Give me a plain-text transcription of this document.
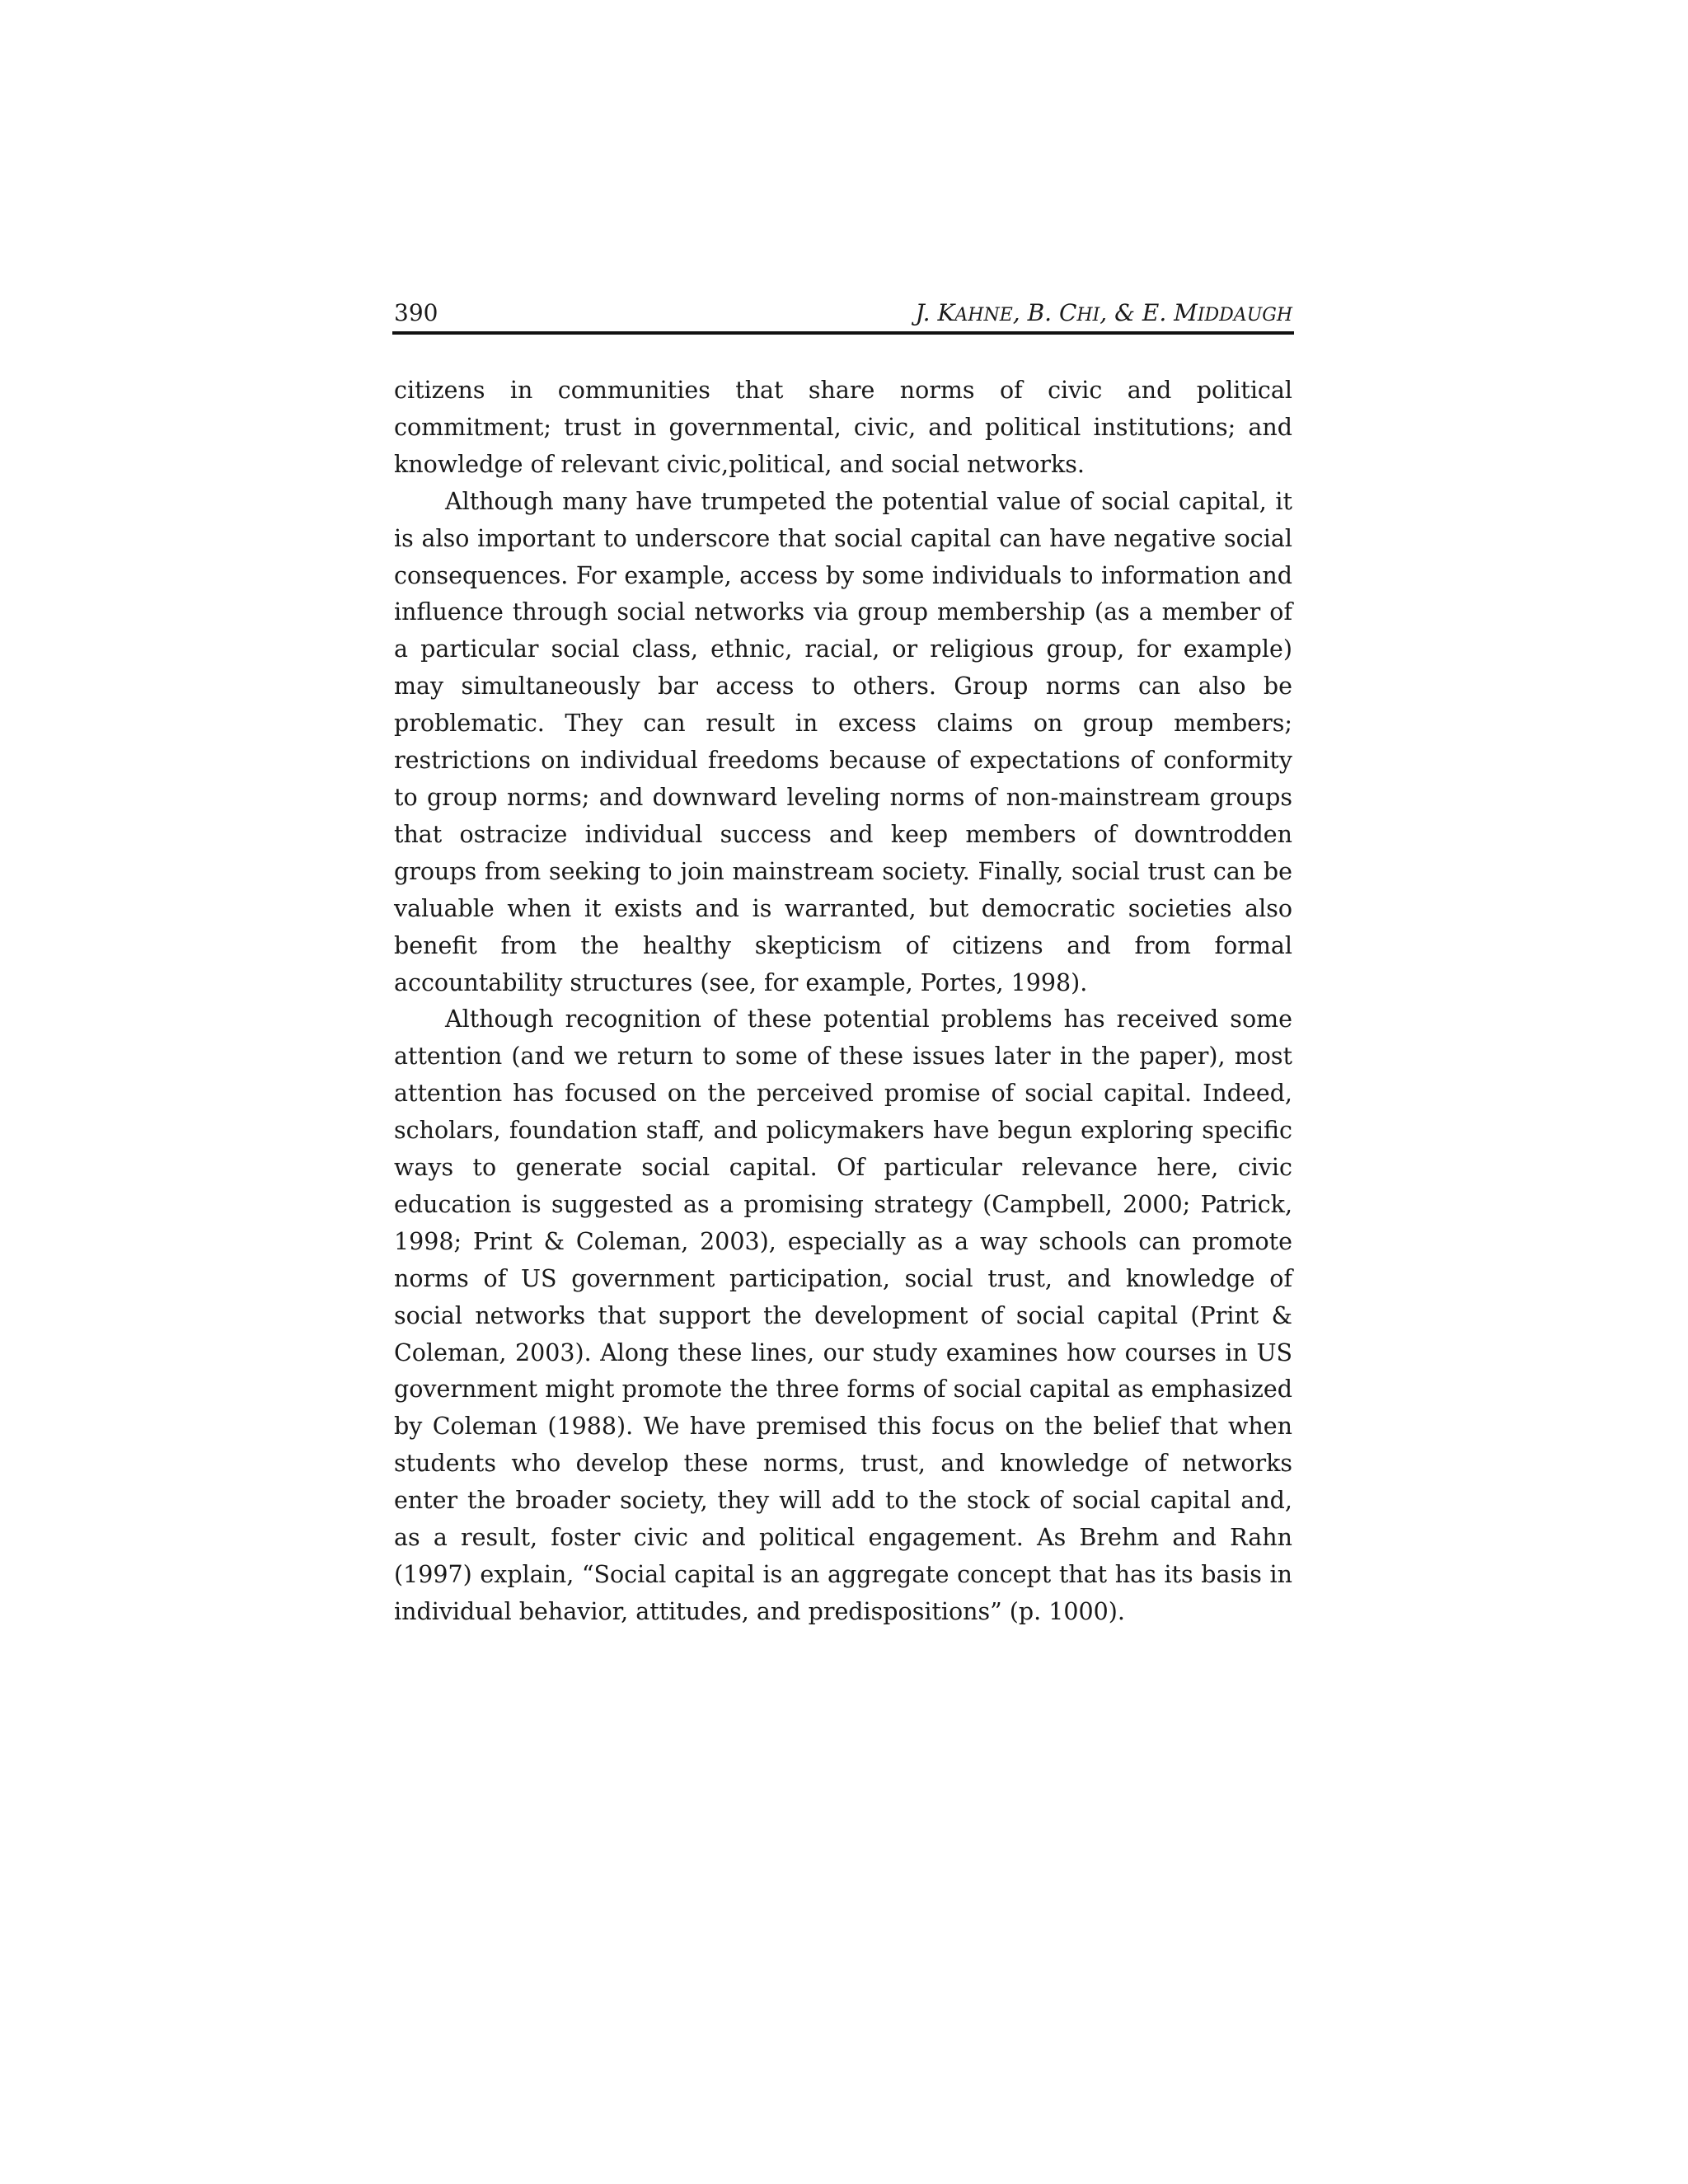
390	J. KAHNE, B. CHI, & E. MIDDAUGH

citizens in communities that share norms of civic and political commitment; trust in governmental, civic, and political institutions; and knowledge of relevant civic,political, and social networks.

Although many have trumpeted the potential value of social capital, it is also important to underscore that social capital can have negative social consequences. For example, access by some individuals to information and influence through social networks via group membership (as a member of a particular social class, ethnic, racial, or religious group, for example) may simultaneously bar access to others. Group norms can also be problematic. They can result in excess claims on group members; restrictions on individual freedoms because of expectations of conformity to group norms; and downward leveling norms of non-mainstream groups that ostracize individual success and keep members of downtrodden groups from seeking to join mainstream society. Finally, social trust can be valuable when it exists and is warranted, but democratic societies also benefit from the healthy skepticism of citizens and from formal accountability structures (see, for example, Portes, 1998).

Although recognition of these potential problems has received some attention (and we return to some of these issues later in the paper), most attention has focused on the perceived promise of social capital. Indeed, scholars, foundation staff, and policymakers have begun exploring specific ways to generate social capital. Of particular relevance here, civic education is suggested as a promising strategy (Campbell, 2000; Patrick, 1998; Print & Coleman, 2003), especially as a way schools can promote norms of US government participation, social trust, and knowledge of social networks that support the development of social capital (Print & Coleman, 2003). Along these lines, our study examines how courses in US government might promote the three forms of social capital as emphasized by Coleman (1988). We have premised this focus on the belief that when students who develop these norms, trust, and knowledge of networks enter the broader society, they will add to the stock of social capital and, as a result, foster civic and political engagement. As Brehm and Rahn (1997) explain, “Social capital is an aggregate concept that has its basis in individual behavior, attitudes, and predispositions” (p. 1000).
